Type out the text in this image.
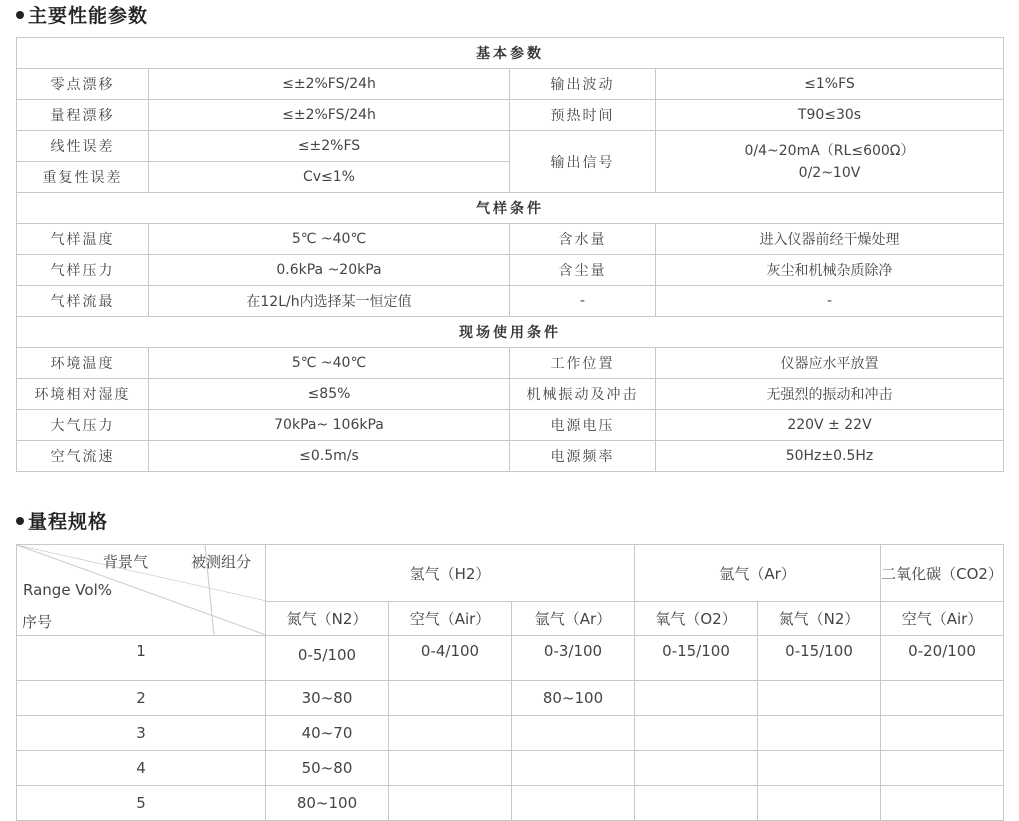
主要性能参数
基本参数			
零点漂移	≤±2%FS/24h	输出波动	≤1%FS
量程漂移	≤±2%FS/24h	预热时间	T90≤30s
线性误差	≤±2%FS	输出信号	0/4~20mA（RL≤600Ω）
0/2~10V

重复性误差	Cv≤1%		
气样条件			
气样温度	5℃ ~40℃	含水量	进入仪器前经干燥处理
气样压力	0.6kPa ~20kPa	含尘量	灰尘和机械杂质除净
气样流最	在12L/h内选择某一恒定值	-	-
现场使用条件			
环境温度	5℃ ~40℃	工作位置	仪器应水平放置
环境相对湿度	≤85%	机械振动及冲击	无强烈的振动和冲击
大气压力	70kPa~ 106kPa	电源电压	220V ± 22V
空气流速	≤0.5m/s	电源频率	50Hz±0.5Hz
量程规格
背景气 被测组分
Range Vol%	氢气（H2）			氩气（Ar）		二氧化碳（CO2）
	氮气（N2）	空气（Air）	氩气（Ar）	氧气（O2）	氮气（N2）	空气（Air）
1	0-5/100	0-4/100	0-3/100	0-15/100	0-15/100	0-20/100
2	30~80		80~100			
3	40~70					
4	50~80					
5	80~100					
序号
